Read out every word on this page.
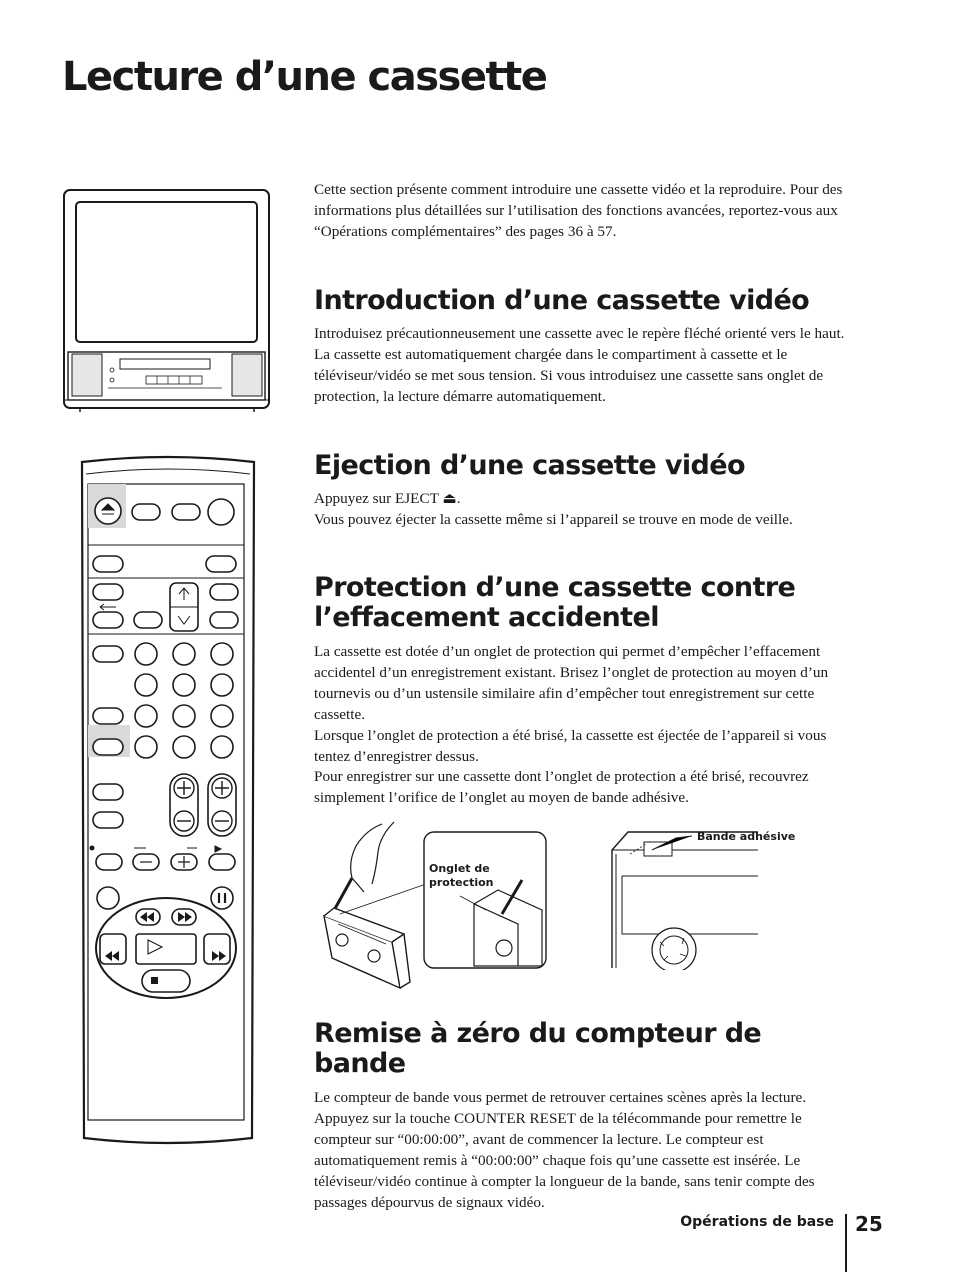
Lecture d’une cassette

Cette section présente comment introduire une cassette vidéo et la reproduire. Pour des informations plus détaillées sur l’utilisation des fonctions avancées, reportez-vous aux “Opérations complémentaires” des pages 36 à 57.

Introduction d’une cassette vidéo

Introduisez précautionneusement une cassette avec le repère fléché orienté vers le haut. La cassette est automatiquement chargée dans le compartiment à cassette et le téléviseur/vidéo se met sous tension. Si vous introduisez une cassette sans onglet de protection, la lecture démarre automatiquement.

Ejection d’une cassette vidéo

Appuyez sur EJECT ⏏.

Vous pouvez éjecter la cassette même si l’appareil se trouve en mode de veille.

Protection d’une cassette contre
l’effacement accidentel

La cassette est dotée d’un onglet de protection qui permet d’empêcher l’effacement accidentel d’un enregistrement existant. Brisez l’onglet de protection au moyen d’un tournevis ou d’un ustensile similaire afin d’empêcher tout enregistrement sur cette cassette.

Lorsque l’onglet de protection a été brisé, la cassette est éjectée de l’appareil si vous tentez d’enregistrer dessus.

Pour enregistrer sur une cassette dont l’onglet de protection a été brisé, recouvrez simplement l’orifice de l’onglet au moyen de bande adhésive.

Onglet de
protection
Bande adhésive
Remise à zéro du compteur de
bande

Le compteur de bande vous permet de retrouver certaines scènes après la lecture. Appuyez sur la touche COUNTER RESET de la télécommande pour remettre le compteur sur “00:00:00”, avant de commencer la lecture. Le compteur est automatiquement remis à “00:00:00” chaque fois qu’une cassette est insérée. Le téléviseur/vidéo continue à compter la longueur de la bande, sans tenir compte des passages dépourvus de signaux vidéo.

Opérations de base 25
